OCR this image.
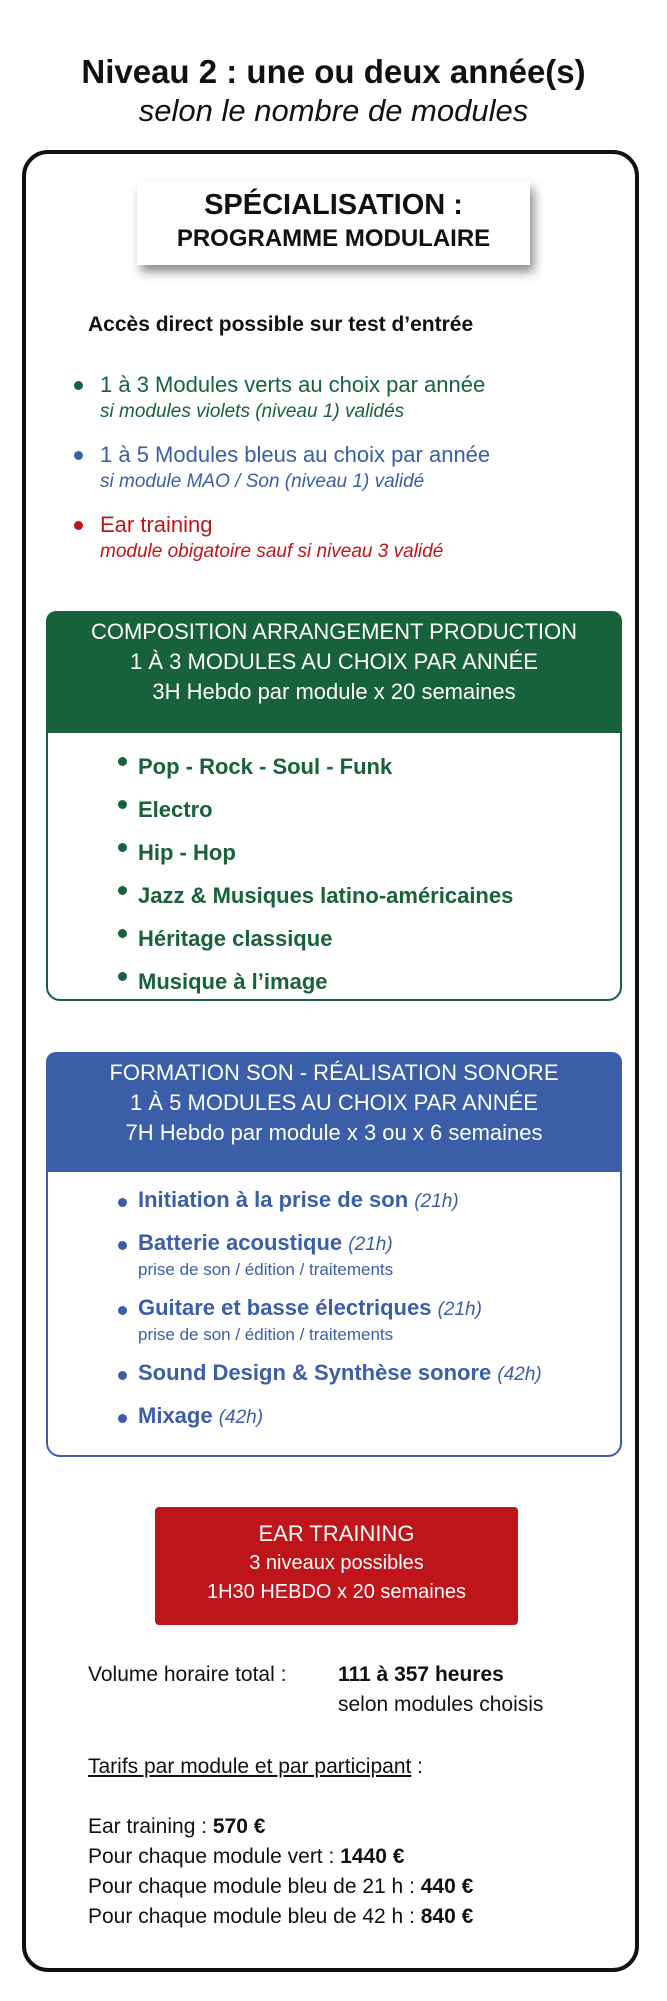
Niveau 2 : une ou deux année(s)
selon le nombre de modules
SPÉCIALISATION :
PROGRAMME MODULAIRE
Accès direct possible sur test d’entrée
1 à 3 Modules verts au choix par année
si modules violets (niveau 1) validés
1 à 5 Modules bleus au choix par année
si module MAO / Son (niveau 1) validé
Ear training
module obigatoire sauf si niveau 3 validé
COMPOSITION ARRANGEMENT PRODUCTION
1 À 3 MODULES AU CHOIX PAR ANNÉE
3H Hebdo par module x 20 semaines
Pop - Rock - Soul - Funk
Electro
Hip - Hop
Jazz & Musiques latino-américaines
Héritage classique
Musique à l’image
FORMATION SON - RÉALISATION SONORE
1 À 5 MODULES AU CHOIX PAR ANNÉE
7H Hebdo par module x 3 ou x 6 semaines
Initiation à la prise de son (21h)
Batterie acoustique (21h)
prise de son / édition / traitements
Guitare et basse électriques (21h)
prise de son / édition / traitements
Sound Design & Synthèse sonore (42h)
Mixage (42h)
EAR TRAINING
3 niveaux possibles
1H30 HEBDO x 20 semaines
Volume horaire total : 111 à 357 heures
selon modules choisis
Tarifs par module et par participant :
Ear training : 570 €
Pour chaque module vert : 1440 €
Pour chaque module bleu de 21 h : 440 €
Pour chaque module bleu de 42 h : 840 €
